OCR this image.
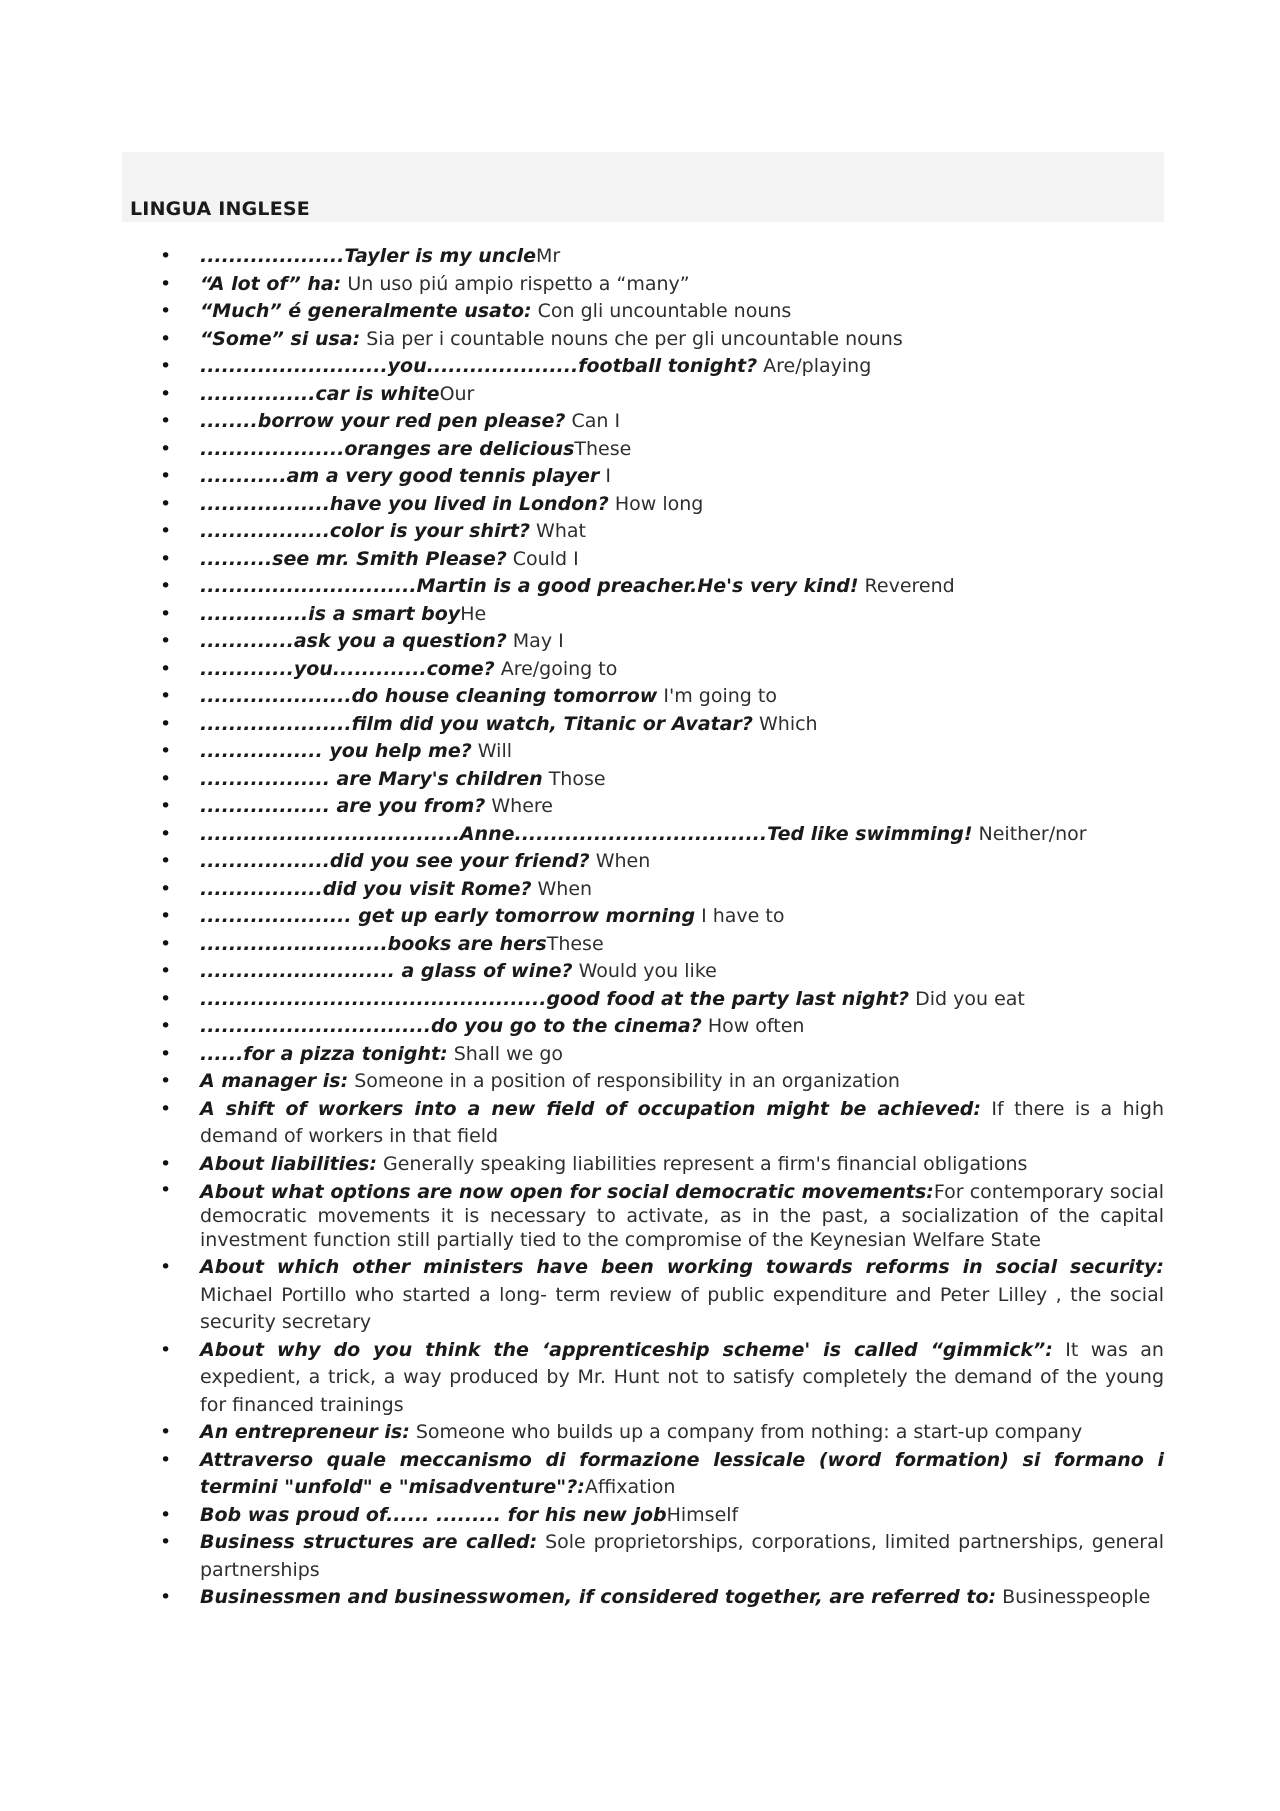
LINGUA INGLESE
• ....................Tayler is my uncleMr
• “A lot of” ha: Un uso piú ampio rispetto a “many”
• “Much” é generalmente usato: Con gli uncountable nouns
• “Some” si usa: Sia per i countable nouns che per gli uncountable nouns
• ..........................you.....................football tonight? Are/playing
• ................car is whiteOur
• ........borrow your red pen please? Can I
• ....................oranges are deliciousThese
• ............am a very good tennis player I
• ..................have you lived in London? How long
• ..................color is your shirt? What
• ..........see mr. Smith Please? Could I
• ..............................Martin is a good preacher.He's very kind! Reverend
• ...............is a smart boyHe
• .............ask you a question? May I
• .............you.............come? Are/going to
• .....................do house cleaning tomorrow I'm going to
• .....................film did you watch, Titanic or Avatar? Which
• ................. you help me? Will
• .................. are Mary's children Those
• .................. are you from? Where
• ....................................Anne...................................Ted like swimming! Neither/nor
• ..................did you see your friend? When
• .................did you visit Rome? When
• ..................... get up early tomorrow morning I have to
• ..........................books are hersThese
• ........................... a glass of wine? Would you like
• ................................................good food at the party last night? Did you eat
• ................................do you go to the cinema? How often
• ......for a pizza tonight: Shall we go
• A manager is: Someone in a position of responsibility in an organization
• A shift of workers into a new field of occupation might be achieved: If there is a high demand of workers in that field
• About liabilities: Generally speaking liabilities represent a firm's financial obligations
• About what options are now open for social democratic movements:For contemporary social democratic movements it is necessary to activate, as in the past, a socialization of the capital investment function still partially tied to the compromise of the Keynesian Welfare State
• About which other ministers have been working towards reforms in social security: Michael Portillo who started a long- term review of public expenditure and Peter Lilley , the social security secretary
• About why do you think the ‘apprenticeship scheme' is called “gimmick”: It was an expedient, a trick, a way produced by Mr. Hunt not to satisfy completely the demand of the young for financed trainings
• An entrepreneur is: Someone who builds up a company from nothing: a start-up company
• Attraverso quale meccanismo di formazione lessicale (word formation) si formano i termini "unfold" e "misadventure"?:Affixation
• Bob was proud of...... ......... for his new jobHimself
• Business structures are called: Sole proprietorships, corporations, limited partnerships, general partnerships
• Businessmen and businesswomen, if considered together, are referred to: Businesspeople
